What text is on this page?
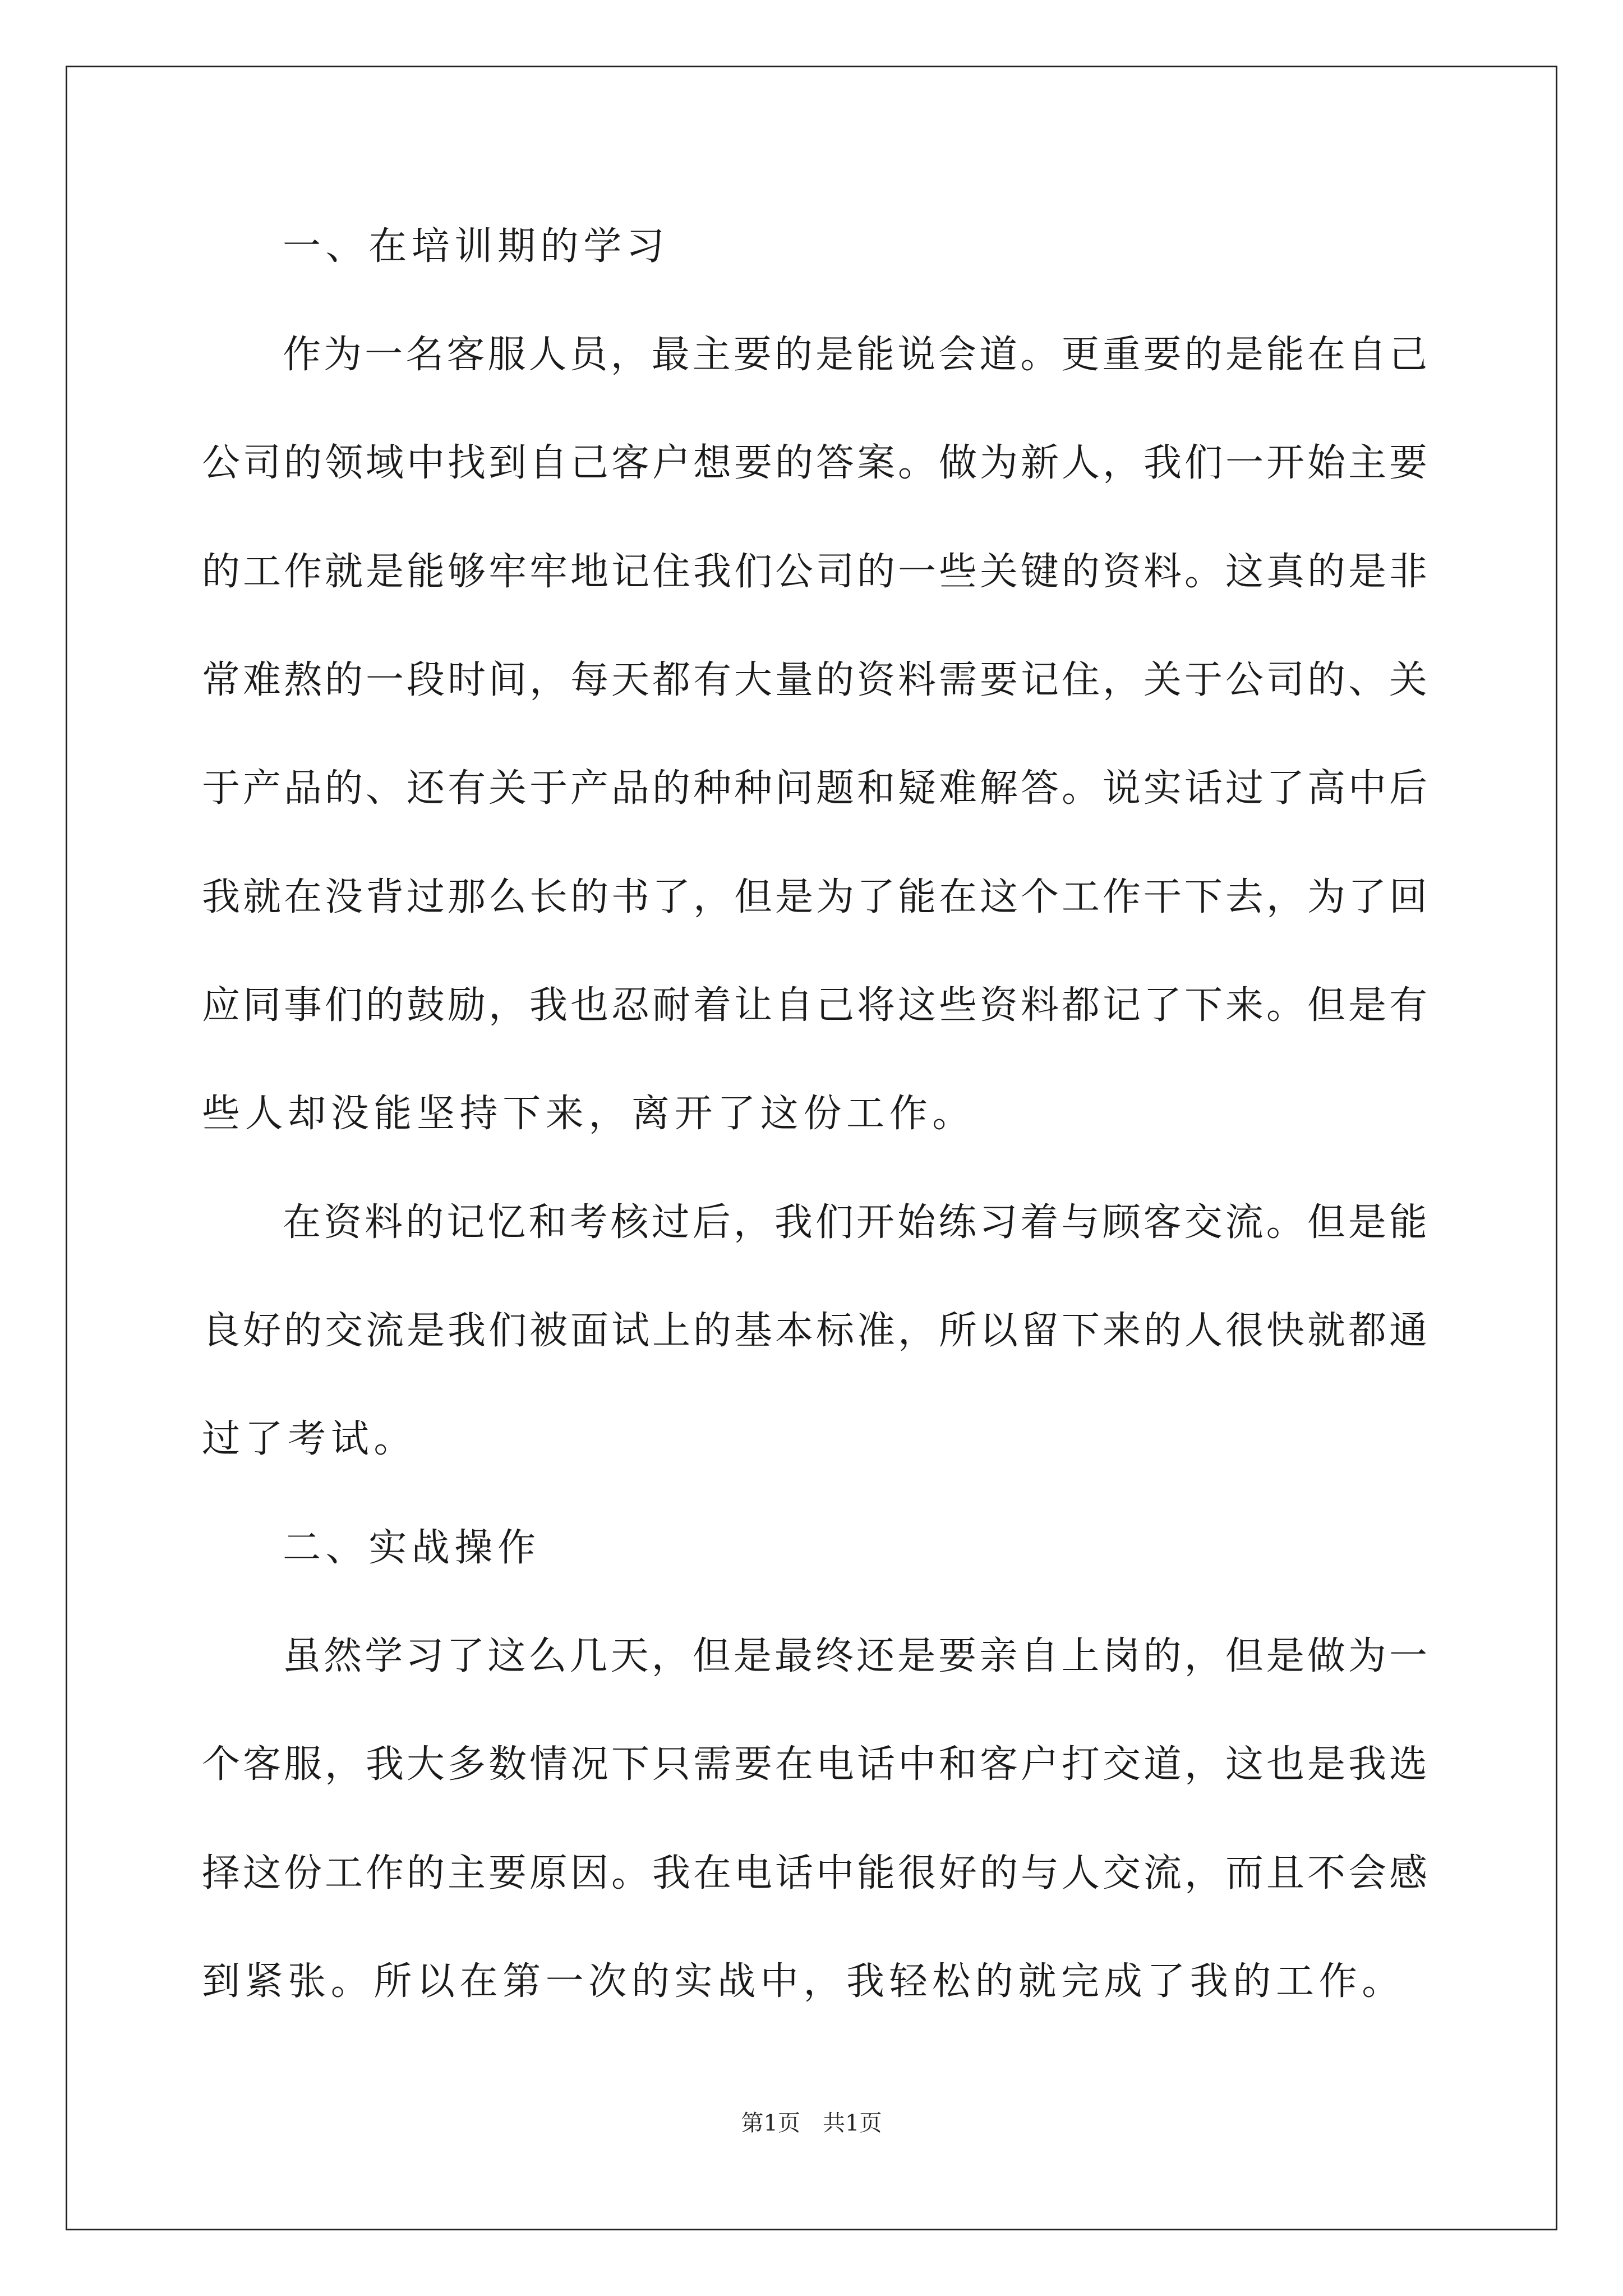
一、在培训期的学习
作为一名客服人员，最主要的是能说会道。更重要的是能在自己
公司的领域中找到自己客户想要的答案。做为新人，我们一开始主要
的工作就是能够牢牢地记住我们公司的一些关键的资料。这真的是非
常难熬的一段时间，每天都有大量的资料需要记住，关于公司的、关
于产品的、还有关于产品的种种问题和疑难解答。说实话过了高中后
我就在没背过那么长的书了，但是为了能在这个工作干下去，为了回
应同事们的鼓励，我也忍耐着让自己将这些资料都记了下来。但是有
些人却没能坚持下来，离开了这份工作。
在资料的记忆和考核过后，我们开始练习着与顾客交流。但是能
良好的交流是我们被面试上的基本标准，所以留下来的人很快就都通
过了考试。
二、实战操作
虽然学习了这么几天，但是最终还是要亲自上岗的，但是做为一
个客服，我大多数情况下只需要在电话中和客户打交道，这也是我选
择这份工作的主要原因。我在电话中能很好的与人交流，而且不会感
到紧张。所以在第一次的实战中，我轻松的就完成了我的工作。
第1页 共1页
